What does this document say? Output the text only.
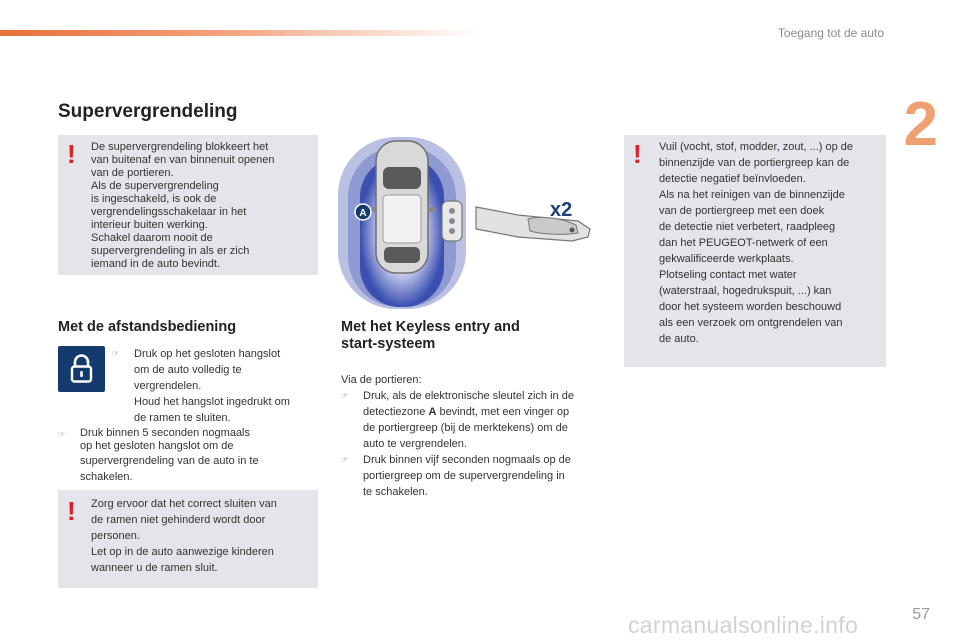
Toegang tot de auto
2
Supervergrendeling
! De supervergrendeling blokkeert het

van buitenaf en van binnenuit openen

van de portieren.

Als de supervergrendeling

is ingeschakeld, is ook de

vergrendelingsschakelaar in het

interieur buiten werking.

Schakel daarom nooit de

supervergrendeling in als er zich

iemand in de auto bevindt.

Met de afstandsbediening
☞ Druk op het gesloten hangslot

om de auto volledig te

vergrendelen.

Houd het hangslot ingedrukt om

de ramen te sluiten.

☞ Druk binnen 5 seconden nogmaals

op het gesloten hangslot om de

supervergrendeling van de auto in te

schakelen.

! Zorg ervoor dat het correct sluiten van

de ramen niet gehinderd wordt door

personen.

Let op in de auto aanwezige kinderen

wanneer u de ramen sluit.

A	x2
Met het Keyless entry and
start-systeem

Via de portieren:

☞ Druk, als de elektronische sleutel zich in de

detectiezone A bevindt, met een vinger op

de portiergreep (bij de merktekens) om de

auto te vergrendelen.

☞ Druk binnen vijf seconden nogmaals op de

portiergreep om de supervergrendeling in

te schakelen.

! Vuil (vocht, stof, modder, zout, ...) op de

binnenzijde van de portiergreep kan de

detectie negatief beïnvloeden.

Als na het reinigen van de binnenzijde

van de portiergreep met een doek

de detectie niet verbetert, raadpleeg

dan het PEUGEOT-netwerk of een

gekwalificeerde werkplaats.

Plotseling contact met water

(waterstraal, hogedrukspuit, ...) kan

door het systeem worden beschouwd

als een verzoek om ontgrendelen van

de auto.

carmanualsonline.info	57
